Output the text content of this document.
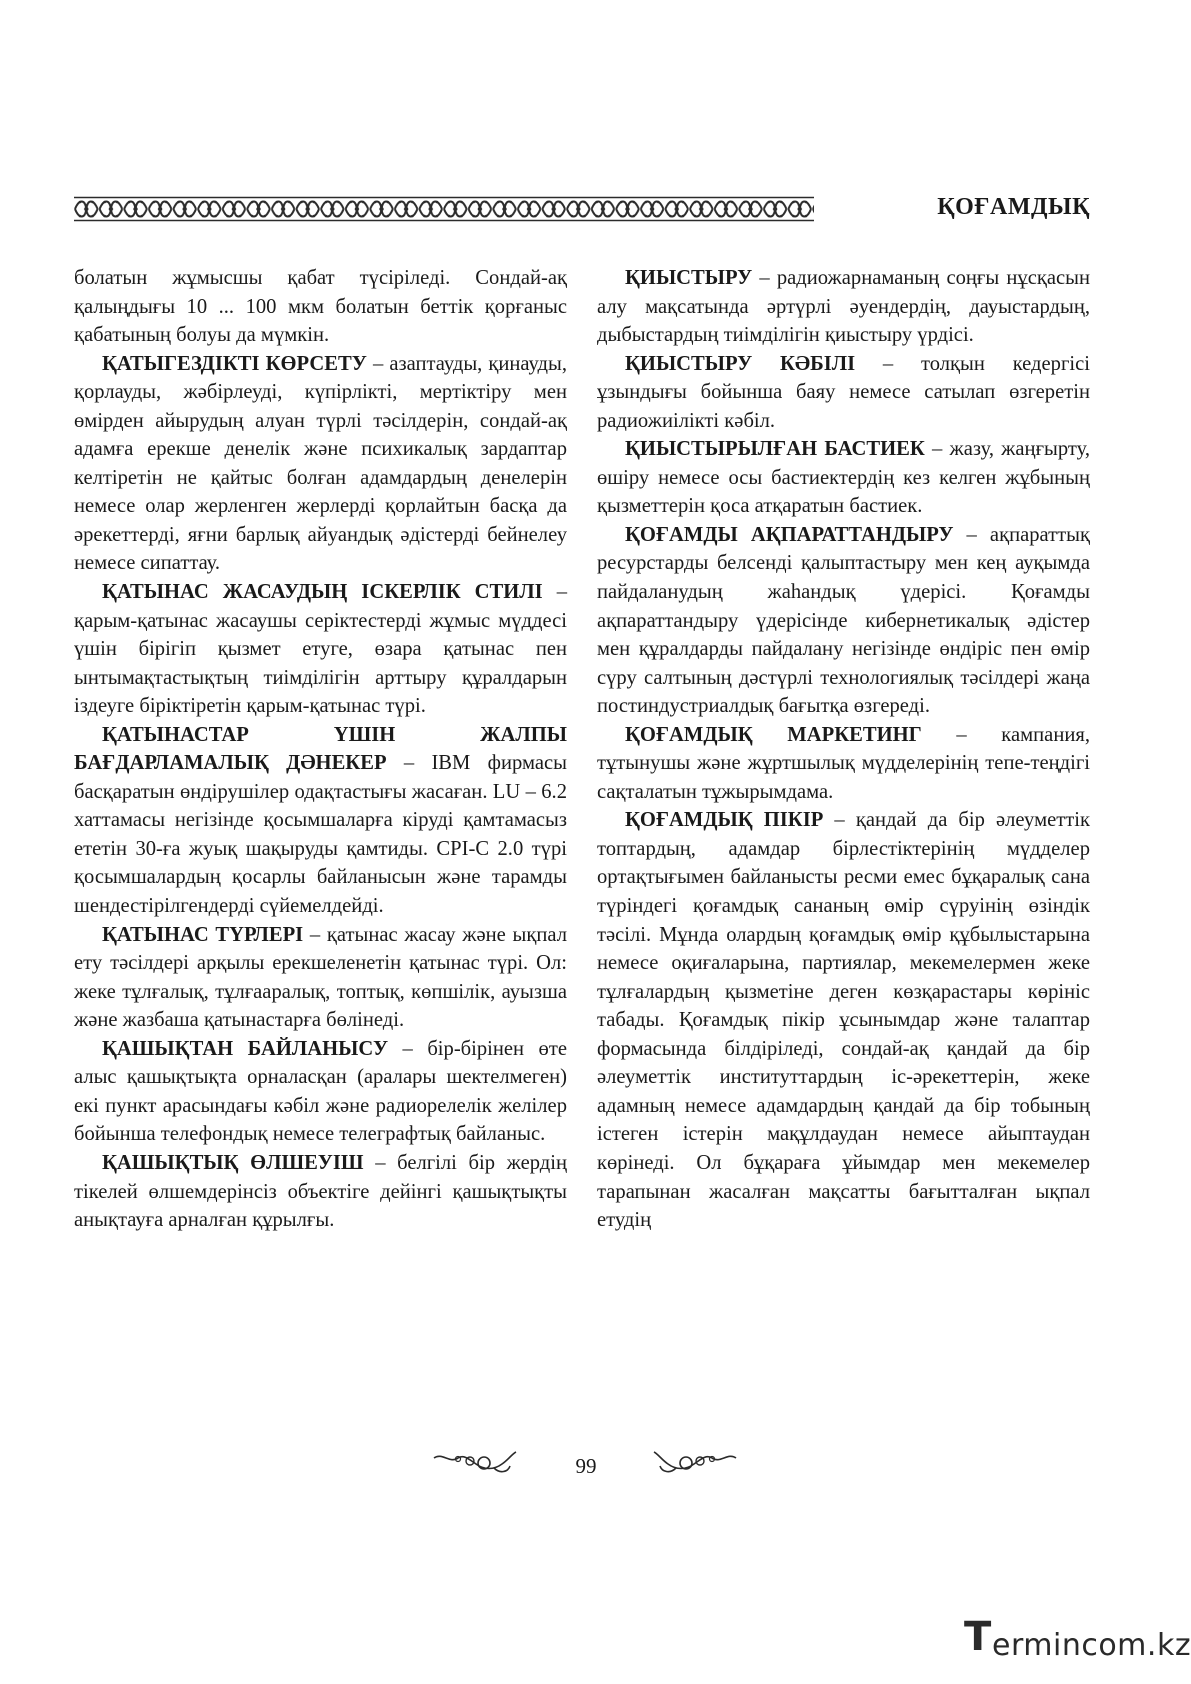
ҚОҒАМДЫҚ

болатын жұмысшы қабат түсіріледі. Сондай-ақ қалыңдығы 10 ... 100 мкм болатын беттік қорғаныс қабатының болуы да мүмкін.

ҚАТЫГЕЗДІКТІ КӨРСЕТУ – азаптауды, қинауды, қорлауды, жәбірлеуді, күпірлікті, мертіктіру мен өмірден айырудың алуан түрлі тәсілдерін, сондай-ақ адамға ерекше денелік және психикалық зардаптар келтіретін не қайтыс болған адамдардың денелерін немесе олар жерленген жерлерді қорлайтын басқа да әрекеттерді, яғни барлық айуандық әдістерді бейнелеу немесе сипаттау.

ҚАТЫНАС ЖАСАУДЫҢ ІСКЕРЛІК СТИЛІ – қарым-қатынас жасаушы серіктестерді жұмыс мүддесі үшін бірігіп қызмет етуге, өзара қатынас пен ынтымақтастықтың тиімділігін арттыру құралдарын іздеуге біріктіретін қарым-қатынас түрі.

ҚАТЫНАСТАР ҮШІН ЖАЛПЫ БАҒДАРЛАМАЛЫҚ ДӘНЕКЕР – IBM фирмасы басқаратын өндірушілер одақтастығы жасаған. LU – 6.2 хаттамасы негізінде қосымшаларға кіруді қамтамасыз ететін 30-ға жуық шақыруды қамтиды. CPI-C 2.0 түрі қосымшалардың қосарлы байланысын және тарамды шендестірілгендерді сүйемелдейді.

ҚАТЫНАС ТҮРЛЕРІ – қатынас жасау және ықпал ету тәсілдері арқылы ерекшеленетін қатынас түрі. Ол: жеке тұлғалық, тұлғааралық, топтық, көпшілік, ауызша және жазбаша қатынастарға бөлінеді.

ҚАШЫҚТАН БАЙЛАНЫСУ – бір-бірінен өте алыс қашықтықта орналасқан (аралары шектелмеген) екі пункт арасындағы кәбіл және радиорелелік желілер бойынша телефондық немесе телеграфтық байланыс.

ҚАШЫҚТЫҚ ӨЛШЕУІШ – белгілі бір жердің тікелей өлшемдерінсіз объектіге дейінгі қашықтықты анықтауға арналған құрылғы.

ҚИЫСТЫРУ – радиожарнаманың соңғы нұсқасын алу мақсатында әртүрлі әуендердің, дауыстардың, дыбыстардың тиімділігін қиыстыру үрдісі.

ҚИЫСТЫРУ КӘБІЛІ – толқын кедергісі ұзындығы бойынша баяу немесе сатылап өзгеретін радиожиілікті кәбіл.

ҚИЫСТЫРЫЛҒАН БАСТИЕК – жазу, жаңғырту, өшіру немесе осы бастиектердің кез келген жұбының қызметтерін қоса атқаратын бастиек.

ҚОҒАМДЫ АҚПАРАТТАНДЫРУ – ақпараттық ресурстарды белсенді қалыптастыру мен кең ауқымда пайдаланудың жаһандық үдерісі. Қоғамды ақпараттандыру үдерісінде кибернетикалық әдістер мен құралдарды пайдалану негізінде өндіріс пен өмір сүру салтының дәстүрлі технологиялық тәсілдері жаңа постиндустриалдық бағытқа өзгереді.

ҚОҒАМДЫҚ МАРКЕТИНГ – кампания, тұтынушы және жұртшылық мүдделерінің тепе-теңдігі сақталатын тұжырымдама.

ҚОҒАМДЫҚ ПІКІР – қандай да бір әлеуметтік топтардың, адамдар бірлестіктерінің мүдделер ортақтығымен байланысты ресми емес бұқаралық сана түріндегі қоғамдық сананың өмір сүруінің өзіндік тәсілі. Мұнда олардың қоғамдық өмір құбылыстарына немесе оқиғаларына, партиялар, мекемелермен жеке тұлғалардың қызметіне деген көзқарастары көрініс табады. Қоғамдық пікір ұсынымдар және талаптар формасында білдіріледі, сондай-ақ қандай да бір әлеуметтік институттардың іс-әрекеттерін, жеке адамның немесе адамдардың қандай да бір тобының істеген істерін мақұлдаудан немесе айыптаудан көрінеді. Ол бұқараға ұйымдар мен мекемелер тарапынан жасалған мақсатты бағытталған ықпал етудің

99
T ermincom.kz
